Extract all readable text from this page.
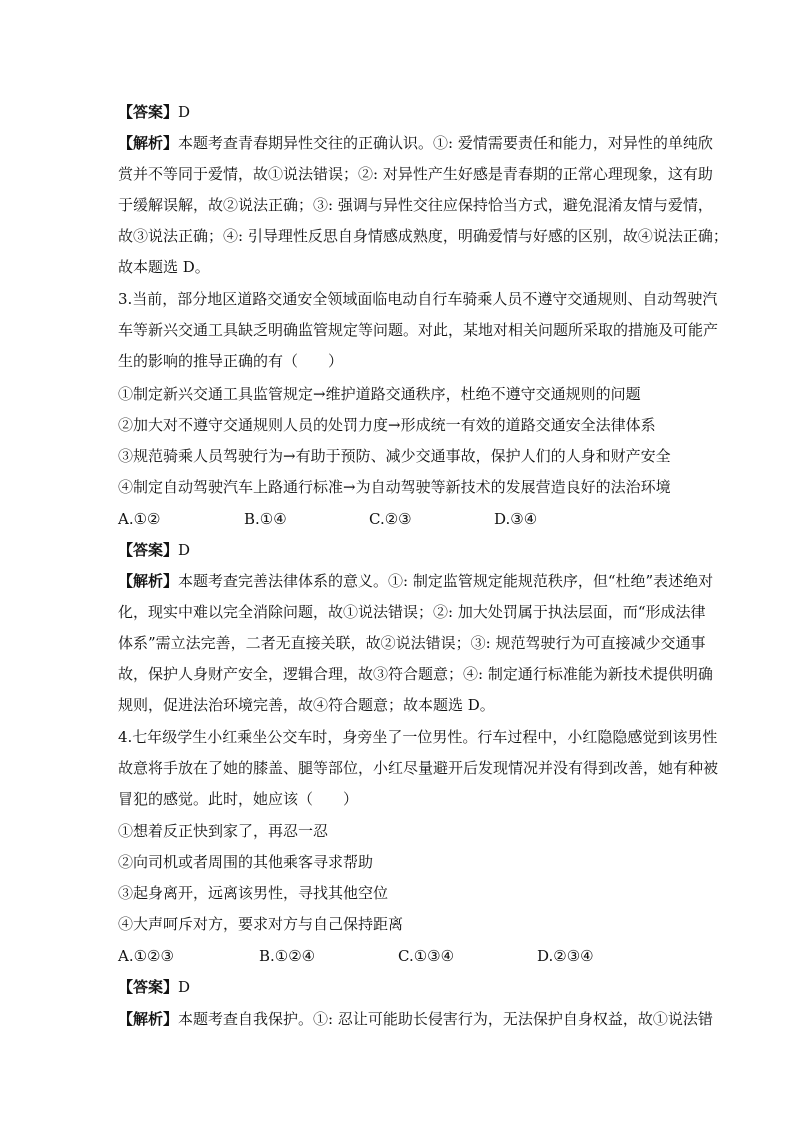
【答案】D
【解析】本题考查青春期异性交往的正确认识。①: 爱情需要责任和能力，对异性的单纯欣
赏并不等同于爱情，故①说法错误；②: 对异性产生好感是青春期的正常心理现象，这有助
于缓解误解，故②说法正确；③: 强调与异性交往应保持恰当方式，避免混淆友情与爱情，
故③说法正确；④: 引导理性反思自身情感成熟度，明确爱情与好感的区别，故④说法正确；
故本题选 D。
3.当前，部分地区道路交通安全领域面临电动自行车骑乘人员不遵守交通规则、自动驾驶汽
车等新兴交通工具缺乏明确监管规定等问题。对此，某地对相关问题所采取的措施及可能产
生的影响的推导正确的有（　　）
①制定新兴交通工具监管规定→维护道路交通秩序，杜绝不遵守交通规则的问题
②加大对不遵守交通规则人员的处罚力度→形成统一有效的道路交通安全法律体系
③规范骑乘人员驾驶行为→有助于预防、减少交通事故，保护人们的人身和财产安全
④制定自动驾驶汽车上路通行标准→为自动驾驶等新技术的发展营造良好的法治环境
A.①②	B.①④	C.②③	D.③④
【答案】D
【解析】本题考查完善法律体系的意义。①: 制定监管规定能规范秩序，但“杜绝”表述绝对
化，现实中难以完全消除问题，故①说法错误；②: 加大处罚属于执法层面，而“形成法律
体系”需立法完善，二者无直接关联，故②说法错误；③: 规范驾驶行为可直接减少交通事
故，保护人身财产安全，逻辑合理，故③符合题意；④: 制定通行标准能为新技术提供明确
规则，促进法治环境完善，故④符合题意；故本题选 D。
4.七年级学生小红乘坐公交车时，身旁坐了一位男性。行车过程中，小红隐隐感觉到该男性
故意将手放在了她的膝盖、腿等部位，小红尽量避开后发现情况并没有得到改善，她有种被
冒犯的感觉。此时，她应该（　　）
①想着反正快到家了，再忍一忍
②向司机或者周围的其他乘客寻求帮助
③起身离开，远离该男性，寻找其他空位
④大声呵斥对方，要求对方与自己保持距离
A.①②③	B.①②④	C.①③④	D.②③④
【答案】D
【解析】本题考查自我保护。①: 忍让可能助长侵害行为，无法保护自身权益，故①说法错
